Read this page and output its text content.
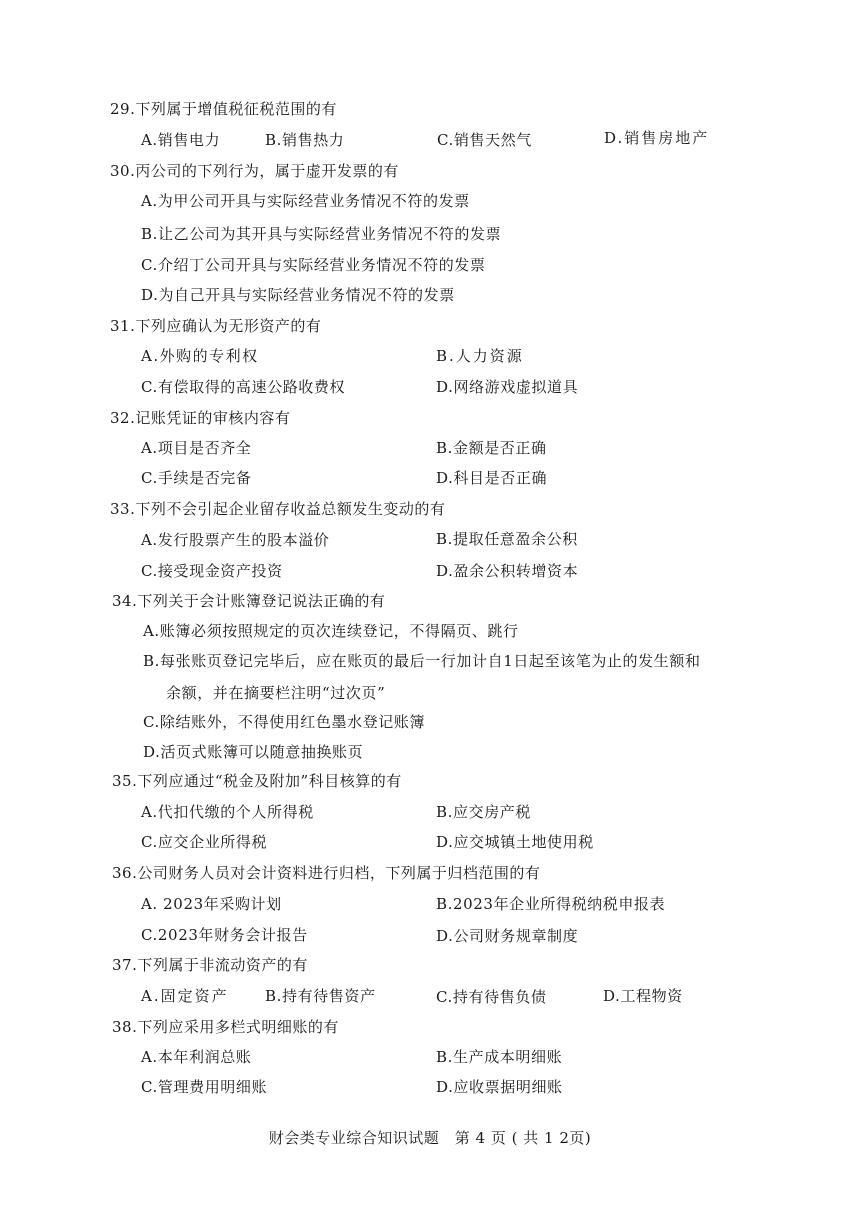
29.下列属于增值税征税范围的有
A.销售电力	B.销售热力	C.销售天然气	D.销售房地产
30.丙公司的下列行为，属于虚开发票的有
A.为甲公司开具与实际经营业务情况不符的发票
B.让乙公司为其开具与实际经营业务情况不符的发票
C.介绍丁公司开具与实际经营业务情况不符的发票
D.为自己开具与实际经营业务情况不符的发票
31.下列应确认为无形资产的有
A.外购的专利权	B.人力资源
C.有偿取得的高速公路收费权	D.网络游戏虚拟道具
32.记账凭证的审核内容有
A.项目是否齐全	B.金额是否正确
C.手续是否完备	D.科目是否正确
33.下列不会引起企业留存收益总额发生变动的有
A.发行股票产生的股本溢价	B.提取任意盈余公积
C.接受现金资产投资	D.盈余公积转增资本
34.下列关于会计账簿登记说法正确的有
A.账簿必须按照规定的页次连续登记，不得隔页、跳行
B.每张账页登记完毕后，应在账页的最后一行加计自1日起至该笔为止的发生额和
余额，并在摘要栏注明“过次页”
C.除结账外，不得使用红色墨水登记账簿
D.活页式账簿可以随意抽换账页
35.下列应通过“税金及附加”科目核算的有
A.代扣代缴的个人所得税	B.应交房产税
C.应交企业所得税	D.应交城镇土地使用税
36.公司财务人员对会计资料进行归档，下列属于归档范围的有
A. 2023年采购计划	B.2023年企业所得税纳税申报表
C.2023年财务会计报告	D.公司财务规章制度
37.下列属于非流动资产的有
A.固定资产 B.持有待售资产	C.持有待售负债	D.工程物资
38.下列应采用多栏式明细账的有
A.本年利润总账	B.生产成本明细账
C.管理费用明细账	D.应收票据明细账
财会类专业综合知识试题　第 4 页 ( 共 1 2页)
